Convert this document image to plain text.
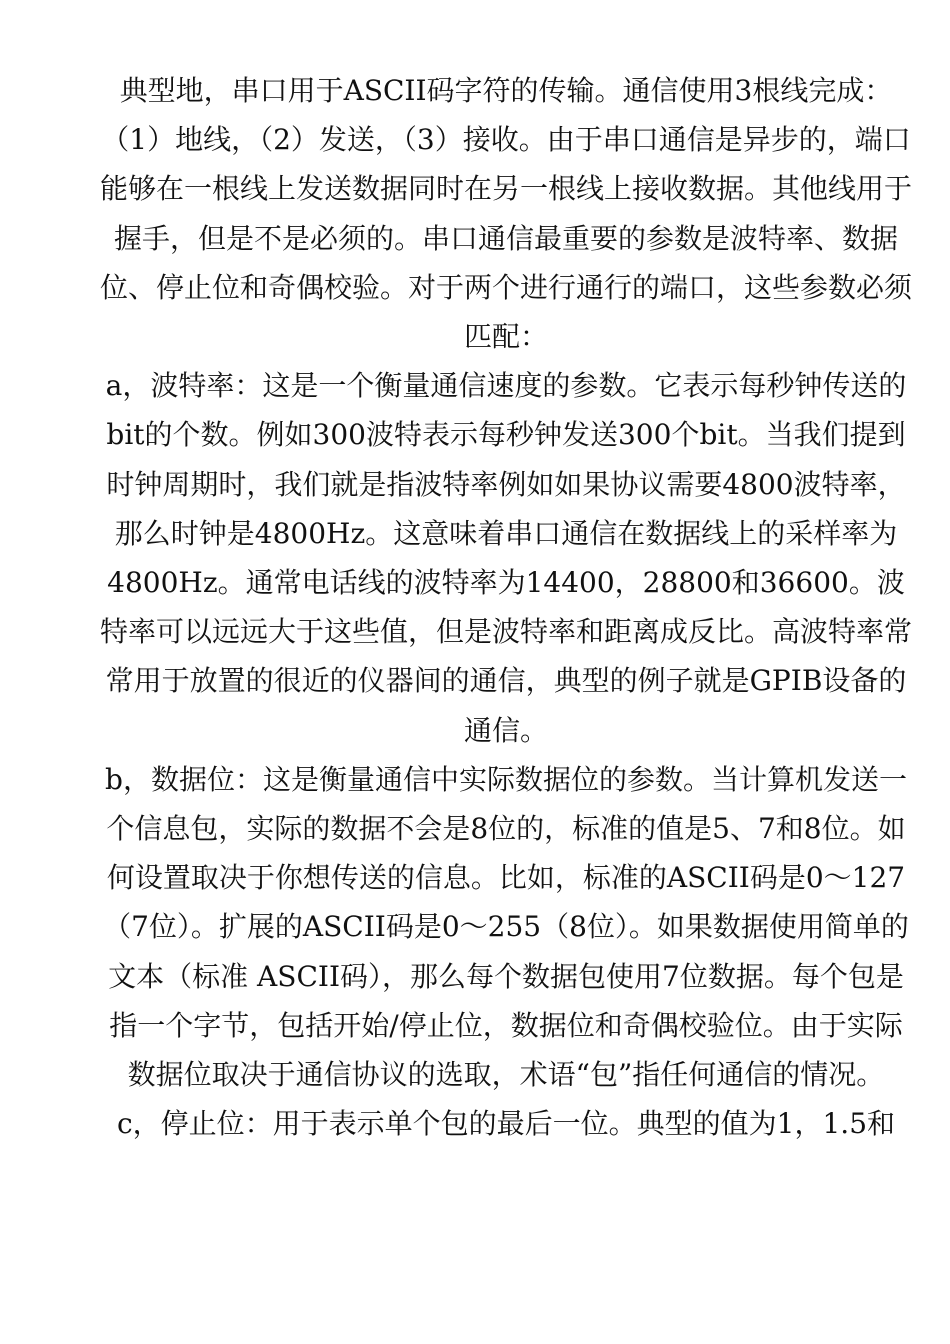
典型地，串口用于ASCII码字符的传输。通信使用3根线完成：（1）地线，（2）发送，（3）接收。由于串口通信是异步的，端口能够在一根线上发送数据同时在另一根线上接收数据。其他线用于握手，但是不是必须的。串口通信最重要的参数是波特率、数据位、停止位和奇偶校验。对于两个进行通行的端口，这些参数必须匹配：

a，波特率：这是一个衡量通信速度的参数。它表示每秒钟传送的bit的个数。例如300波特表示每秒钟发送300个bit。当我们提到时钟周期时，我们就是指波特率例如如果协议需要4800波特率，那么时钟是4800Hz。这意味着串口通信在数据线上的采样率为4800Hz。通常电话线的波特率为14400，28800和36600。波特率可以远远大于这些值，但是波特率和距离成反比。高波特率常常用于放置的很近的仪器间的通信，典型的例子就是GPIB设备的通信。

b，数据位：这是衡量通信中实际数据位的参数。当计算机发送一个信息包，实际的数据不会是8位的，标准的值是5、7和8位。如何设置取决于你想传送的信息。比如，标准的ASCII码是0～127（7位）。扩展的ASCII码是0～255（8位）。如果数据使用简单的文本（标准 ASCII码），那么每个数据包使用7位数据。每个包是指一个字节，包括开始/停止位，数据位和奇偶校验位。由于实际数据位取决于通信协议的选取，术语“包”指任何通信的情况。

c，停止位：用于表示单个包的最后一位。典型的值为1，1.5和
